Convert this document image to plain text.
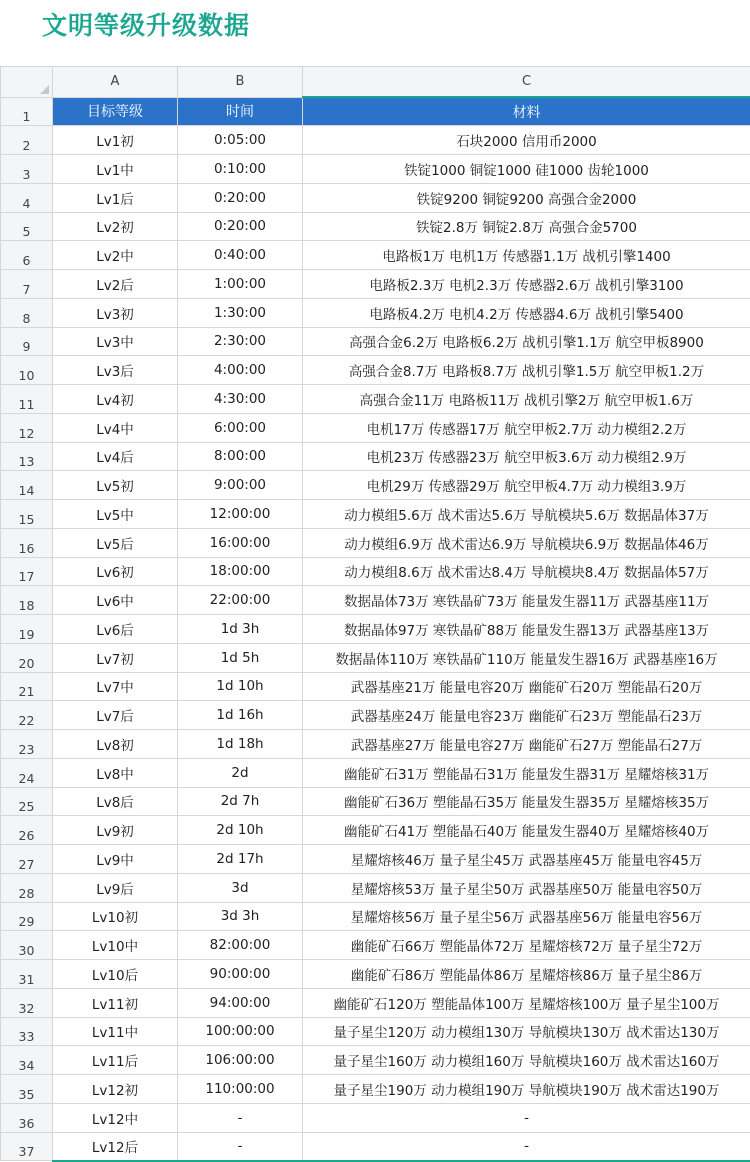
文明等级升级数据
	A	B	C
1	目标等级	时间	材料
2	Lv1初	0:05:00	石块2000 信用币2000
3	Lv1中	0:10:00	铁锭1000 铜锭1000 硅1000 齿轮1000
4	Lv1后	0:20:00	铁锭9200 铜锭9200 高强合金2000
5	Lv2初	0:20:00	铁锭2.8万 铜锭2.8万 高强合金5700
6	Lv2中	0:40:00	电路板1万 电机1万 传感器1.1万 战机引擎1400
7	Lv2后	1:00:00	电路板2.3万 电机2.3万 传感器2.6万 战机引擎3100
8	Lv3初	1:30:00	电路板4.2万 电机4.2万 传感器4.6万 战机引擎5400
9	Lv3中	2:30:00	高强合金6.2万 电路板6.2万 战机引擎1.1万 航空甲板8900
10	Lv3后	4:00:00	高强合金8.7万 电路板8.7万 战机引擎1.5万 航空甲板1.2万
11	Lv4初	4:30:00	高强合金11万 电路板11万 战机引擎2万 航空甲板1.6万
12	Lv4中	6:00:00	电机17万 传感器17万 航空甲板2.7万 动力模组2.2万
13	Lv4后	8:00:00	电机23万 传感器23万 航空甲板3.6万 动力模组2.9万
14	Lv5初	9:00:00	电机29万 传感器29万 航空甲板4.7万 动力模组3.9万
15	Lv5中	12:00:00	动力模组5.6万 战术雷达5.6万 导航模块5.6万 数据晶体37万
16	Lv5后	16:00:00	动力模组6.9万 战术雷达6.9万 导航模块6.9万 数据晶体46万
17	Lv6初	18:00:00	动力模组8.6万 战术雷达8.4万 导航模块8.4万 数据晶体57万
18	Lv6中	22:00:00	数据晶体73万 寒铁晶矿73万 能量发生器11万 武器基座11万
19	Lv6后	1d 3h	数据晶体97万 寒铁晶矿88万 能量发生器13万 武器基座13万
20	Lv7初	1d 5h	数据晶体110万 寒铁晶矿110万 能量发生器16万 武器基座16万
21	Lv7中	1d 10h	武器基座21万 能量电容20万 幽能矿石20万 塑能晶石20万
22	Lv7后	1d 16h	武器基座24万 能量电容23万 幽能矿石23万 塑能晶石23万
23	Lv8初	1d 18h	武器基座27万 能量电容27万 幽能矿石27万 塑能晶石27万
24	Lv8中	2d	幽能矿石31万 塑能晶石31万 能量发生器31万 星耀熔核31万
25	Lv8后	2d 7h	幽能矿石36万 塑能晶石35万 能量发生器35万 星耀熔核35万
26	Lv9初	2d 10h	幽能矿石41万 塑能晶石40万 能量发生器40万 星耀熔核40万
27	Lv9中	2d 17h	星耀熔核46万 量子星尘45万 武器基座45万 能量电容45万
28	Lv9后	3d	星耀熔核53万 量子星尘50万 武器基座50万 能量电容50万
29	Lv10初	3d 3h	星耀熔核56万 量子星尘56万 武器基座56万 能量电容56万
30	Lv10中	82:00:00	幽能矿石66万 塑能晶体72万 星耀熔核72万 量子星尘72万
31	Lv10后	90:00:00	幽能矿石86万 塑能晶体86万 星耀熔核86万 量子星尘86万
32	Lv11初	94:00:00	幽能矿石120万 塑能晶体100万 星耀熔核100万 量子星尘100万
33	Lv11中	100:00:00	量子星尘120万 动力模组130万 导航模块130万 战术雷达130万
34	Lv11后	106:00:00	量子星尘160万 动力模组160万 导航模块160万 战术雷达160万
35	Lv12初	110:00:00	量子星尘190万 动力模组190万 导航模块190万 战术雷达190万
36	Lv12中	-	-
37	Lv12后	-	-
